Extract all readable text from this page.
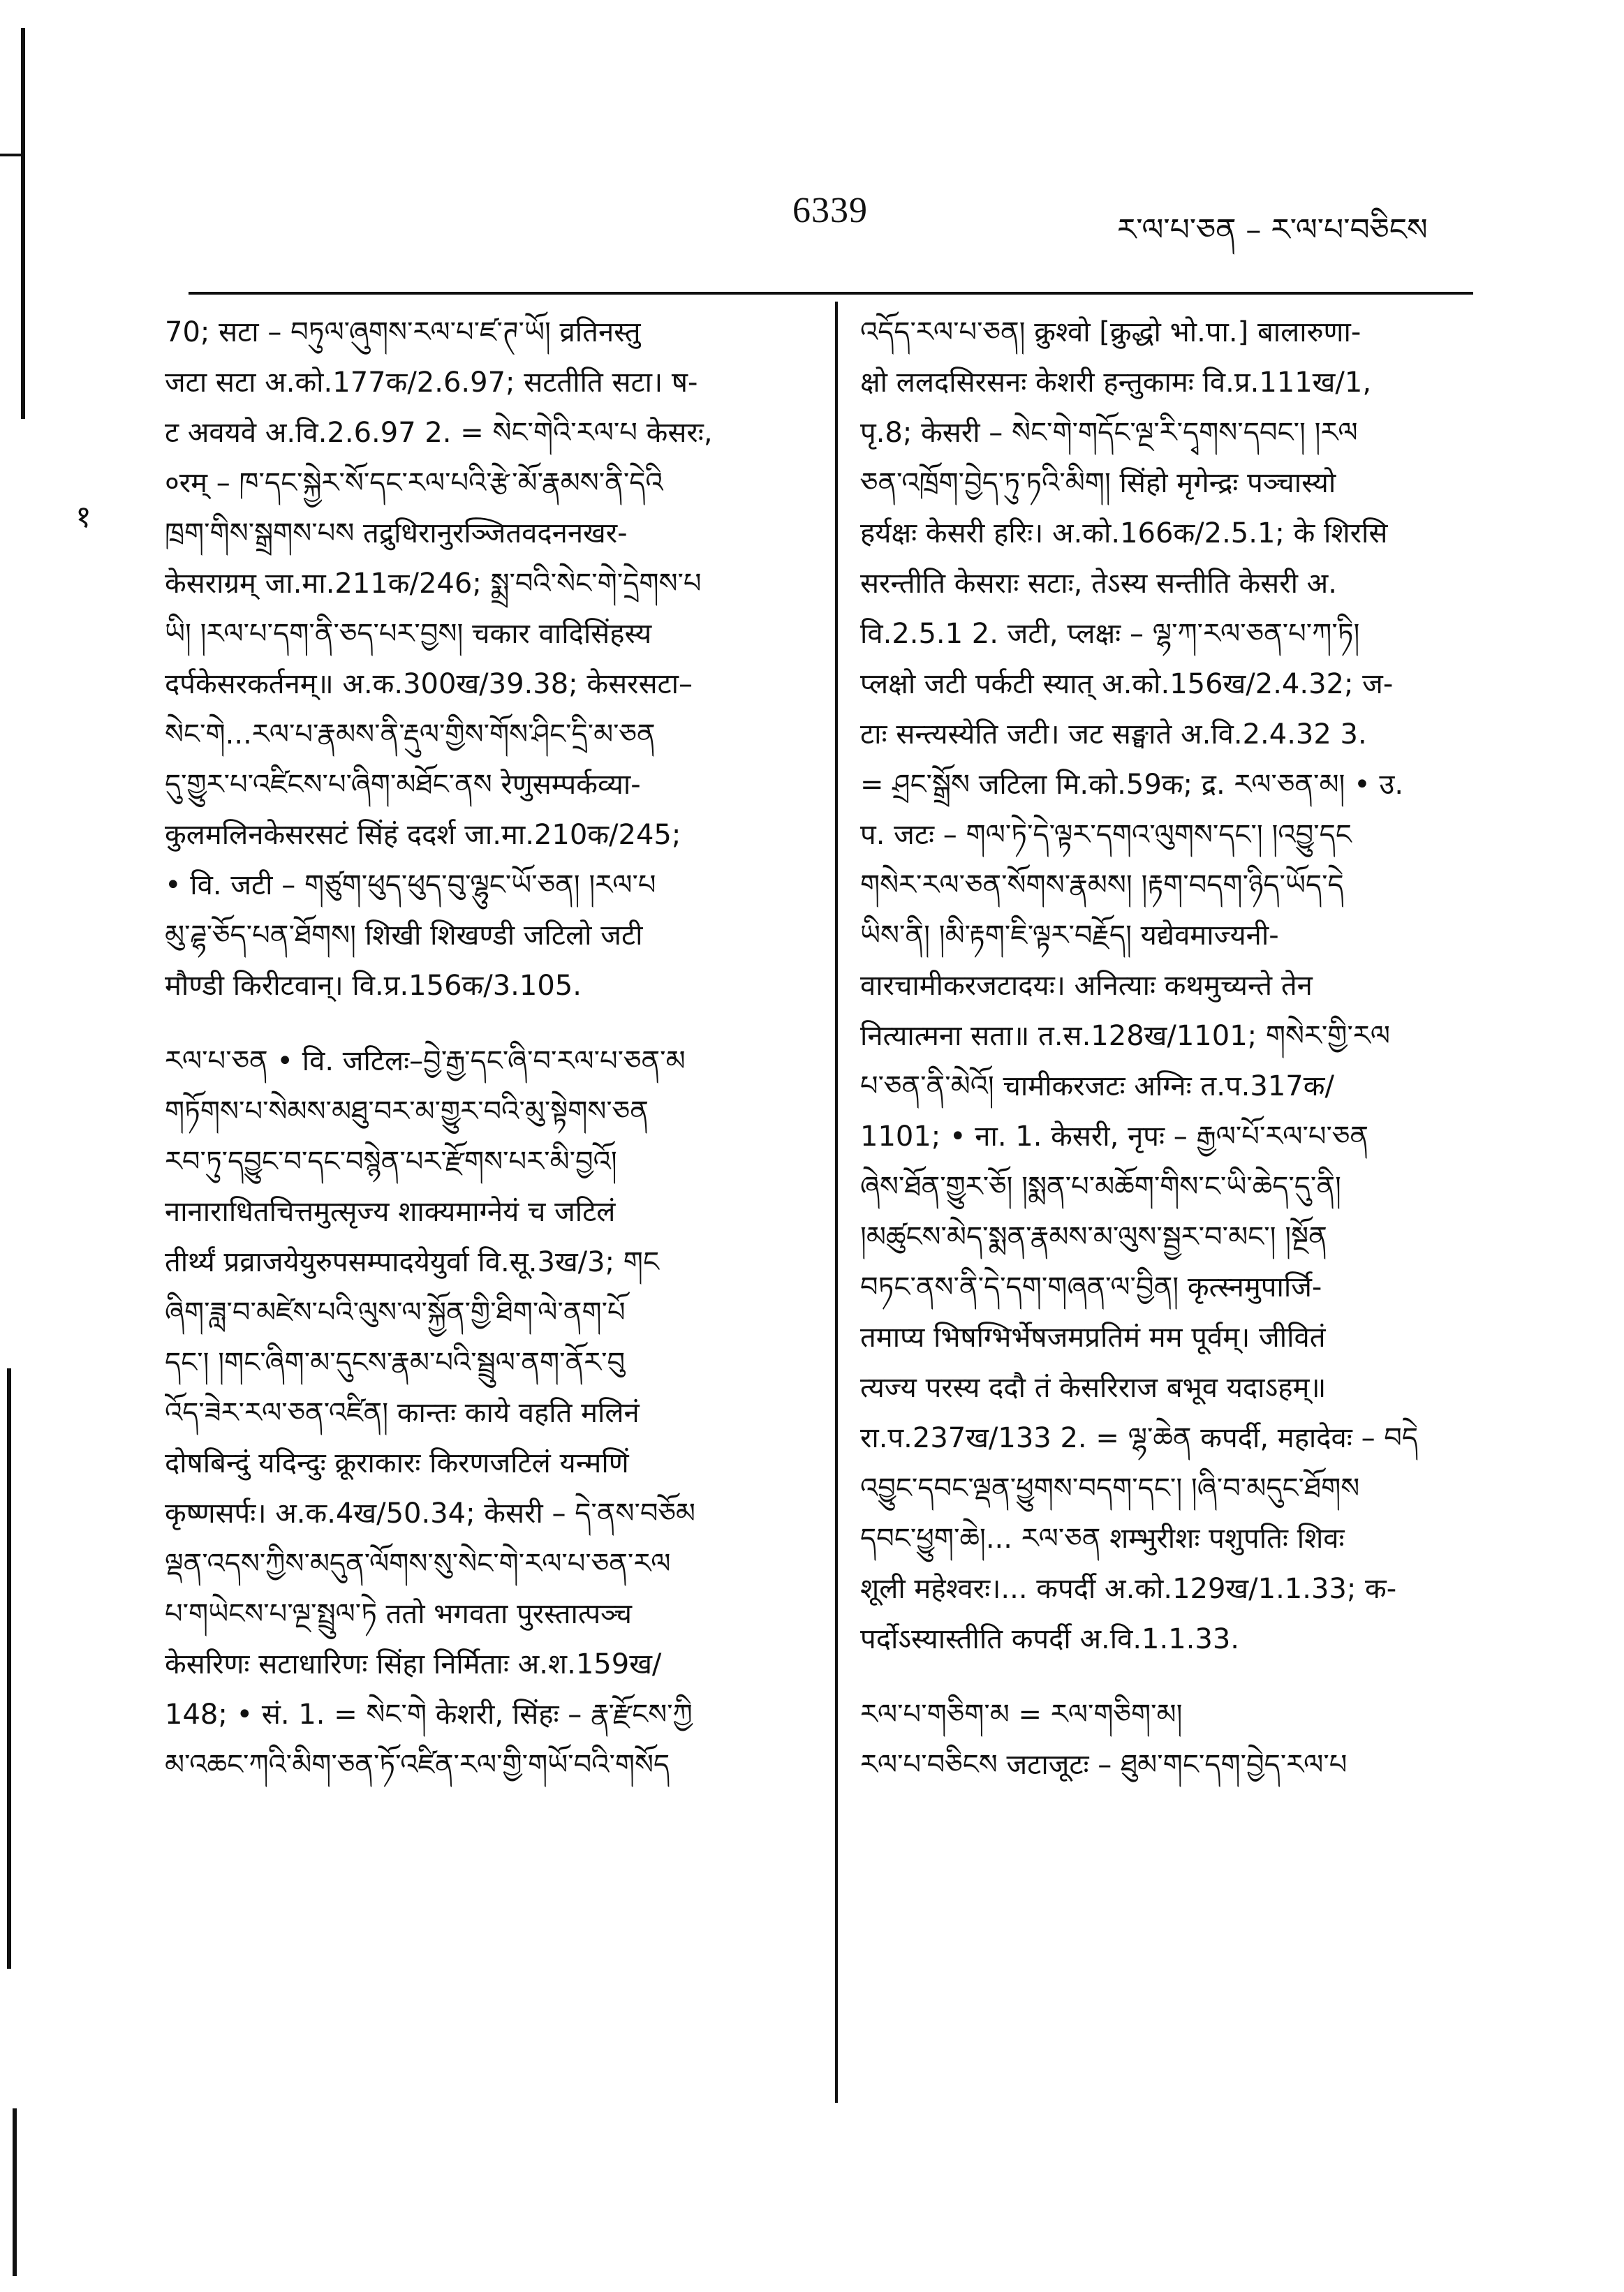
6339	ར་ལ་པ་ཅན – ར་ལ་པ་བཅིངས
१
70; सटा – བཏུལ་ཞུགས་རལ་པ་ཛ་ཊ་ཡོ། व्रतिनस्तु
जटा सटा अ.को.177क/2.6.97; सटतीति सटा। ष-
ट अवयवे अ.वि.2.6.97 2. = སེང་གེའི་རལ་པ केसरः,
०रम् – ཁ་དང་སྐྱེར་སོ་དང་རལ་པའི་རྩེ་མོ་རྣམས་ནི་དེའི
ཁྲག་གིས་སྒྲགས་པས तद्रुधिरानुरञ्जितवदननखर-
केसराग्रम् जा.मा.211क/246; སྨྲ་བའི་སེང་གེ་དྲེགས་པ
ཡི། །རལ་པ་དག་ནི་ཅད་པར་བྱས། चकार वादिसिंहस्य
दर्पकेसरकर्तनम्॥ अ.क.300ख/39.38; केसरसटा–
སེང་གེ...རལ་པ་རྣམས་ནི་རྡུལ་གྱིས་གོས་ཤིང་དྲི་མ་ཅན
དུ་གྱུར་པ་འཛིངས་པ་ཞིག་མཐོང་ནས रेणुसम्पर्कव्या-
कुलमलिनकेसरसटं सिंहं ददर्श जा.मा.210क/245;
• वि. जटी – གཙུག་ཕུད་ཕུད་བུ་ལྷུང་ཡོ་ཅན། །རལ་པ
མུ་ཌྷ་ཅོད་པན་ཐོགས། शिखी शिखण्डी जटिलो जटी
मौण्डी किरीटवान्। वि.प्र.156क/3.105.
རལ་པ་ཅན • वि. जटिलः–བྱེ་རྒྱ་དང་ཞི་བ་རལ་པ་ཅན་མ
གཏོགས་པ་སེམས་མཐུ་བར་མ་གྱུར་བའི་མུ་སྟེགས་ཅན
རབ་ཏུ་དབྱུང་བ་དང་བསྙེན་པར་རྫོགས་པར་མི་བྱའོ།
नानाराधितचित्तमुत्सृज्य शाक्यमाग्नेयं च जटिलं
तीर्थ्यं प्रव्राजयेयुरुपसम्पादयेयुर्वा वि.सू.3ख/3; གང
ཞིག་ཟླ་བ་མཛེས་པའི་ལུས་ལ་སྐྱོན་གྱི་ཐིག་ལེ་ནག་པོ
དང་། །གང་ཞིག་མ་དུངས་རྣམ་པའི་སྦྲུལ་ནག་ནོར་བུ
འོད་ཟེར་རལ་ཅན་འཛིན། कान्तः काये वहति मलिनं
दोषबिन्दुं यदिन्दुः क्रूराकारः किरणजटिलं यन्मणिं
कृष्णसर्पः। अ.क.4ख/50.34; केसरी – དེ་ནས་བཅོམ
ལྡན་འདས་ཀྱིས་མདུན་ལོགས་སུ་སེང་གེ་རལ་པ་ཅན་རལ
པ་གཡེངས་པ་ལྔ་སྤྲུལ་ཏེ ततो भगवता पुरस्तात्पञ्च
केसरिणः सटाधारिणः सिंहा निर्मिताः अ.श.159ख/
148; • सं. 1. = སེང་གེ केशरी, सिंहः – རྣ་རྫོངས་ཀྱི
མ་འཆང་ཀའི་མིག་ཅན་ཏོ་འཛིན་རལ་གྱི་གཡོ་བའི་གསོད
འདོད་རལ་པ་ཅན། क्रुश्वो [क्रुद्धो भो.पा.] बालारुणा-
क्षो ललदसिरसनः केशरी हन्तुकामः वि.प्र.111ख/1,
पृ.8; केसरी – སེང་གེ་གདོང་ལྔ་རི་དྭགས་དབང་། །རལ
ཅན་འཁྲོག་བྱེད་ཏུ་ཏའི་མིག། सिंहो मृगेन्द्रः पञ्चास्यो
हर्यक्षः केसरी हरिः। अ.को.166क/2.5.1; के शिरसि
सरन्तीति केसराः सटाः, तेऽस्य सन्तीति केसरी अ.
वि.2.5.1 2. जटी, प्लक्षः – ལྷ་ཀ་རལ་ཅན་པ་ཀ་ཏི།
प्लक्षो जटी पर्कटी स्यात् अ.को.156ख/2.4.32; ज-
टाः सन्त्यस्येति जटी। जट सङ्घाते अ.वि.2.4.32 3.
= ཤྲང་སྒྲོས जटिला मि.को.59क; द्र. རལ་ཅན་མ། • उ.
प. जटः – གལ་ཏེ་དེ་ལྟར་དགའ་ལུགས་དང་། །འབྱུ་དང
གསེར་རལ་ཅན་སོགས་རྣམས། །རྟག་བདག་ཉིད་ཡོད་དེ
ཡིས་ནི། །མི་རྟག་ཇི་ལྟར་བརྗོད། यद्येवमाज्यनी-
वारचामीकरजटादयः। अनित्याः कथमुच्यन्ते तेन
नित्यात्मना सता॥ त.स.128ख/1101; གསེར་གྱི་རལ
པ་ཅན་ནི་མེའོ། चामीकरजटः अग्निः त.प.317क/
1101; • ना. 1. केसरी, नृपः – རྒྱལ་པོ་རལ་པ་ཅན
ཞེས་ཐོན་གྱུར་ཅོ། །སྨན་པ་མཆོག་གིས་ང་ཡི་ཆེད་དུ་ནི།
།མཚུངས་མེད་སྨན་རྣམས་མ་ལུས་སྦྱར་བ་མང་། །སྔོན
བཏང་ནས་ནི་དེ་དག་གཞན་ལ་བྱིན། कृत्स्नमुपार्जि-
तमाप्य भिषग्भिर्भेषजमप्रतिमं मम पूर्वम्। जीवितं
त्यज्य परस्य ददौ तं केसरिराज बभूव यदाऽहम्॥
रा.प.237ख/133 2. = ལྷ་ཆེན कपर्दी, महादेवः – བདེ
འབྱུང་དབང་ལྡན་ཕྱུགས་བདག་དང་། །ཞི་བ་མདུང་ཐོགས
དབང་ཕྱུག་ཆེ།... རལ་ཅན शम्भुरीशः पशुपतिः शिवः
शूली महेश्वरः।... कपर्दी अ.को.129ख/1.1.33; क-
पर्दोऽस्यास्तीति कपर्दी अ.वि.1.1.33.
རལ་པ་གཅིག་མ = རལ་གཅིག་མ།
རལ་པ་བཅིངས जटाजूटः – ཐུམ་གང་དག་བྱེད་རལ་པ
